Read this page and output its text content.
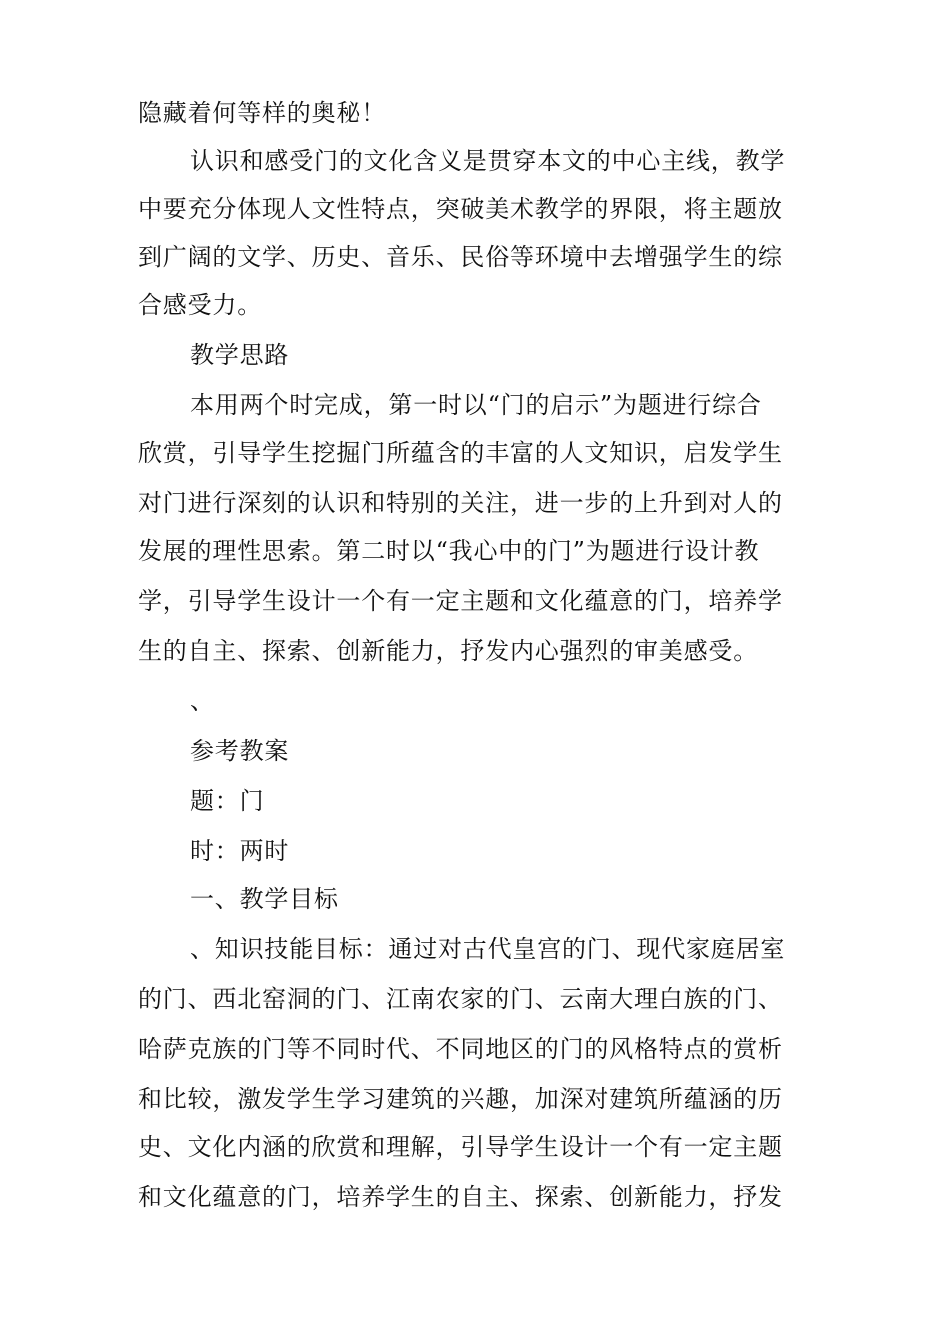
隐藏着何等样的奥秘！
认识和感受门的文化含义是贯穿本文的中心主线，教学
中要充分体现人文性特点，突破美术教学的界限，将主题放
到广阔的文学、历史、音乐、民俗等环境中去增强学生的综
合感受力。
教学思路
本用两个时完成，第一时以“门的启示”为题进行综合
欣赏，引导学生挖掘门所蕴含的丰富的人文知识，启发学生
对门进行深刻的认识和特别的关注，进一步的上升到对人的
发展的理性思索。第二时以“我心中的门”为题进行设计教
学，引导学生设计一个有一定主题和文化蕴意的门，培养学
生的自主、探索、创新能力，抒发内心强烈的审美感受。
、
参考教案
题：门
时：两时
一、教学目标
、知识技能目标：通过对古代皇宫的门、现代家庭居室
的门、西北窑洞的门、江南农家的门、云南大理白族的门、
哈萨克族的门等不同时代、不同地区的门的风格特点的赏析
和比较，激发学生学习建筑的兴趣，加深对建筑所蕴涵的历
史、文化内涵的欣赏和理解，引导学生设计一个有一定主题
和文化蕴意的门，培养学生的自主、探索、创新能力，抒发
